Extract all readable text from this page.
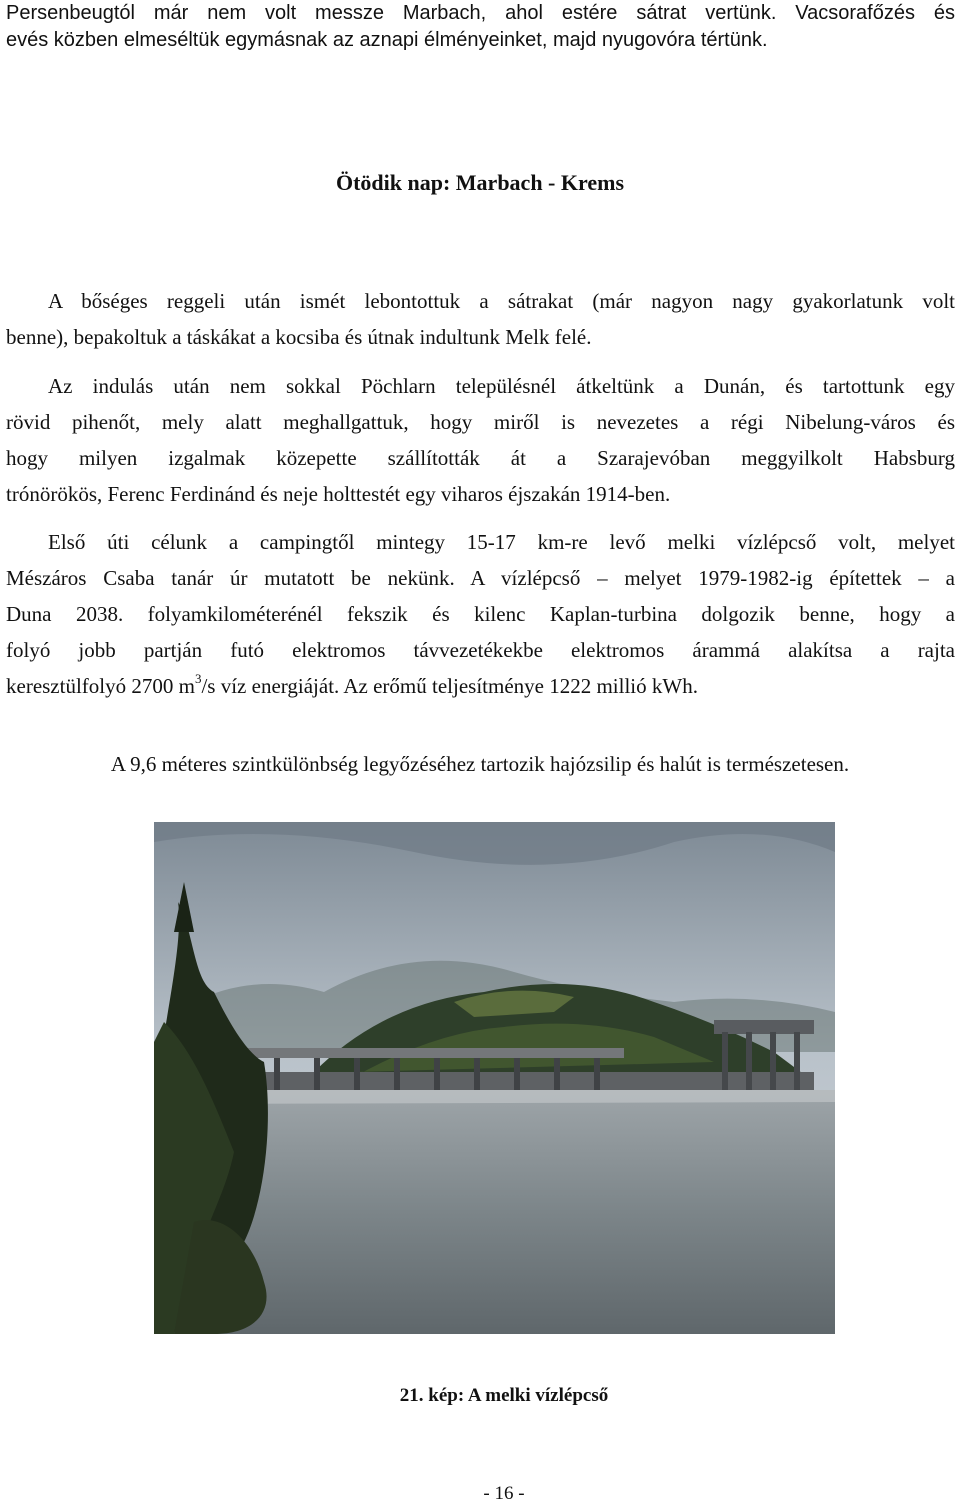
Persenbeugtól már nem volt messze Marbach, ahol estére sátrat vertünk. Vacsorafőzés és
evés közben elmeséltük egymásnak az aznapi élményeinket, majd nyugovóra tértünk.

Ötödik nap: Marbach - Krems

A bőséges reggeli után ismét lebontottuk a sátrakat (már nagyon nagy gyakorlatunk volt
benne), bepakoltuk a táskákat a kocsiba és útnak indultunk Melk felé.

Az indulás után nem sokkal Pöchlarn településnél átkeltünk a Dunán, és tartottunk egy
rövid pihenőt, mely alatt meghallgattuk, hogy miről is nevezetes a régi Nibelung-város és
hogy milyen izgalmak közepette szállították át a Szarajevóban meggyilkolt Habsburg
trónörökös, Ferenc Ferdinánd és neje holttestét egy viharos éjszakán 1914-ben.

Első úti célunk a campingtől mintegy 15-17 km-re levő melki vízlépcső volt, melyet
Mészáros Csaba tanár úr mutatott be nekünk. A vízlépcső – melyet 1979-1982-ig építettek – a
Duna 2038. folyamkilométerénél fekszik és kilenc Kaplan-turbina dolgozik benne, hogy a
folyó jobb partján futó elektromos távvezetékekbe elektromos árammá alakítsa a rajta
keresztülfolyó 2700 $m^3/s$ víz energiáját. Az erőmű teljesítménye 1222 millió kWh.

A 9,6 méteres szintkülönbség legyőzéséhez tartozik hajózsilip és halút is természetesen.
21. kép: A melki vízlépcső
- 16 -
